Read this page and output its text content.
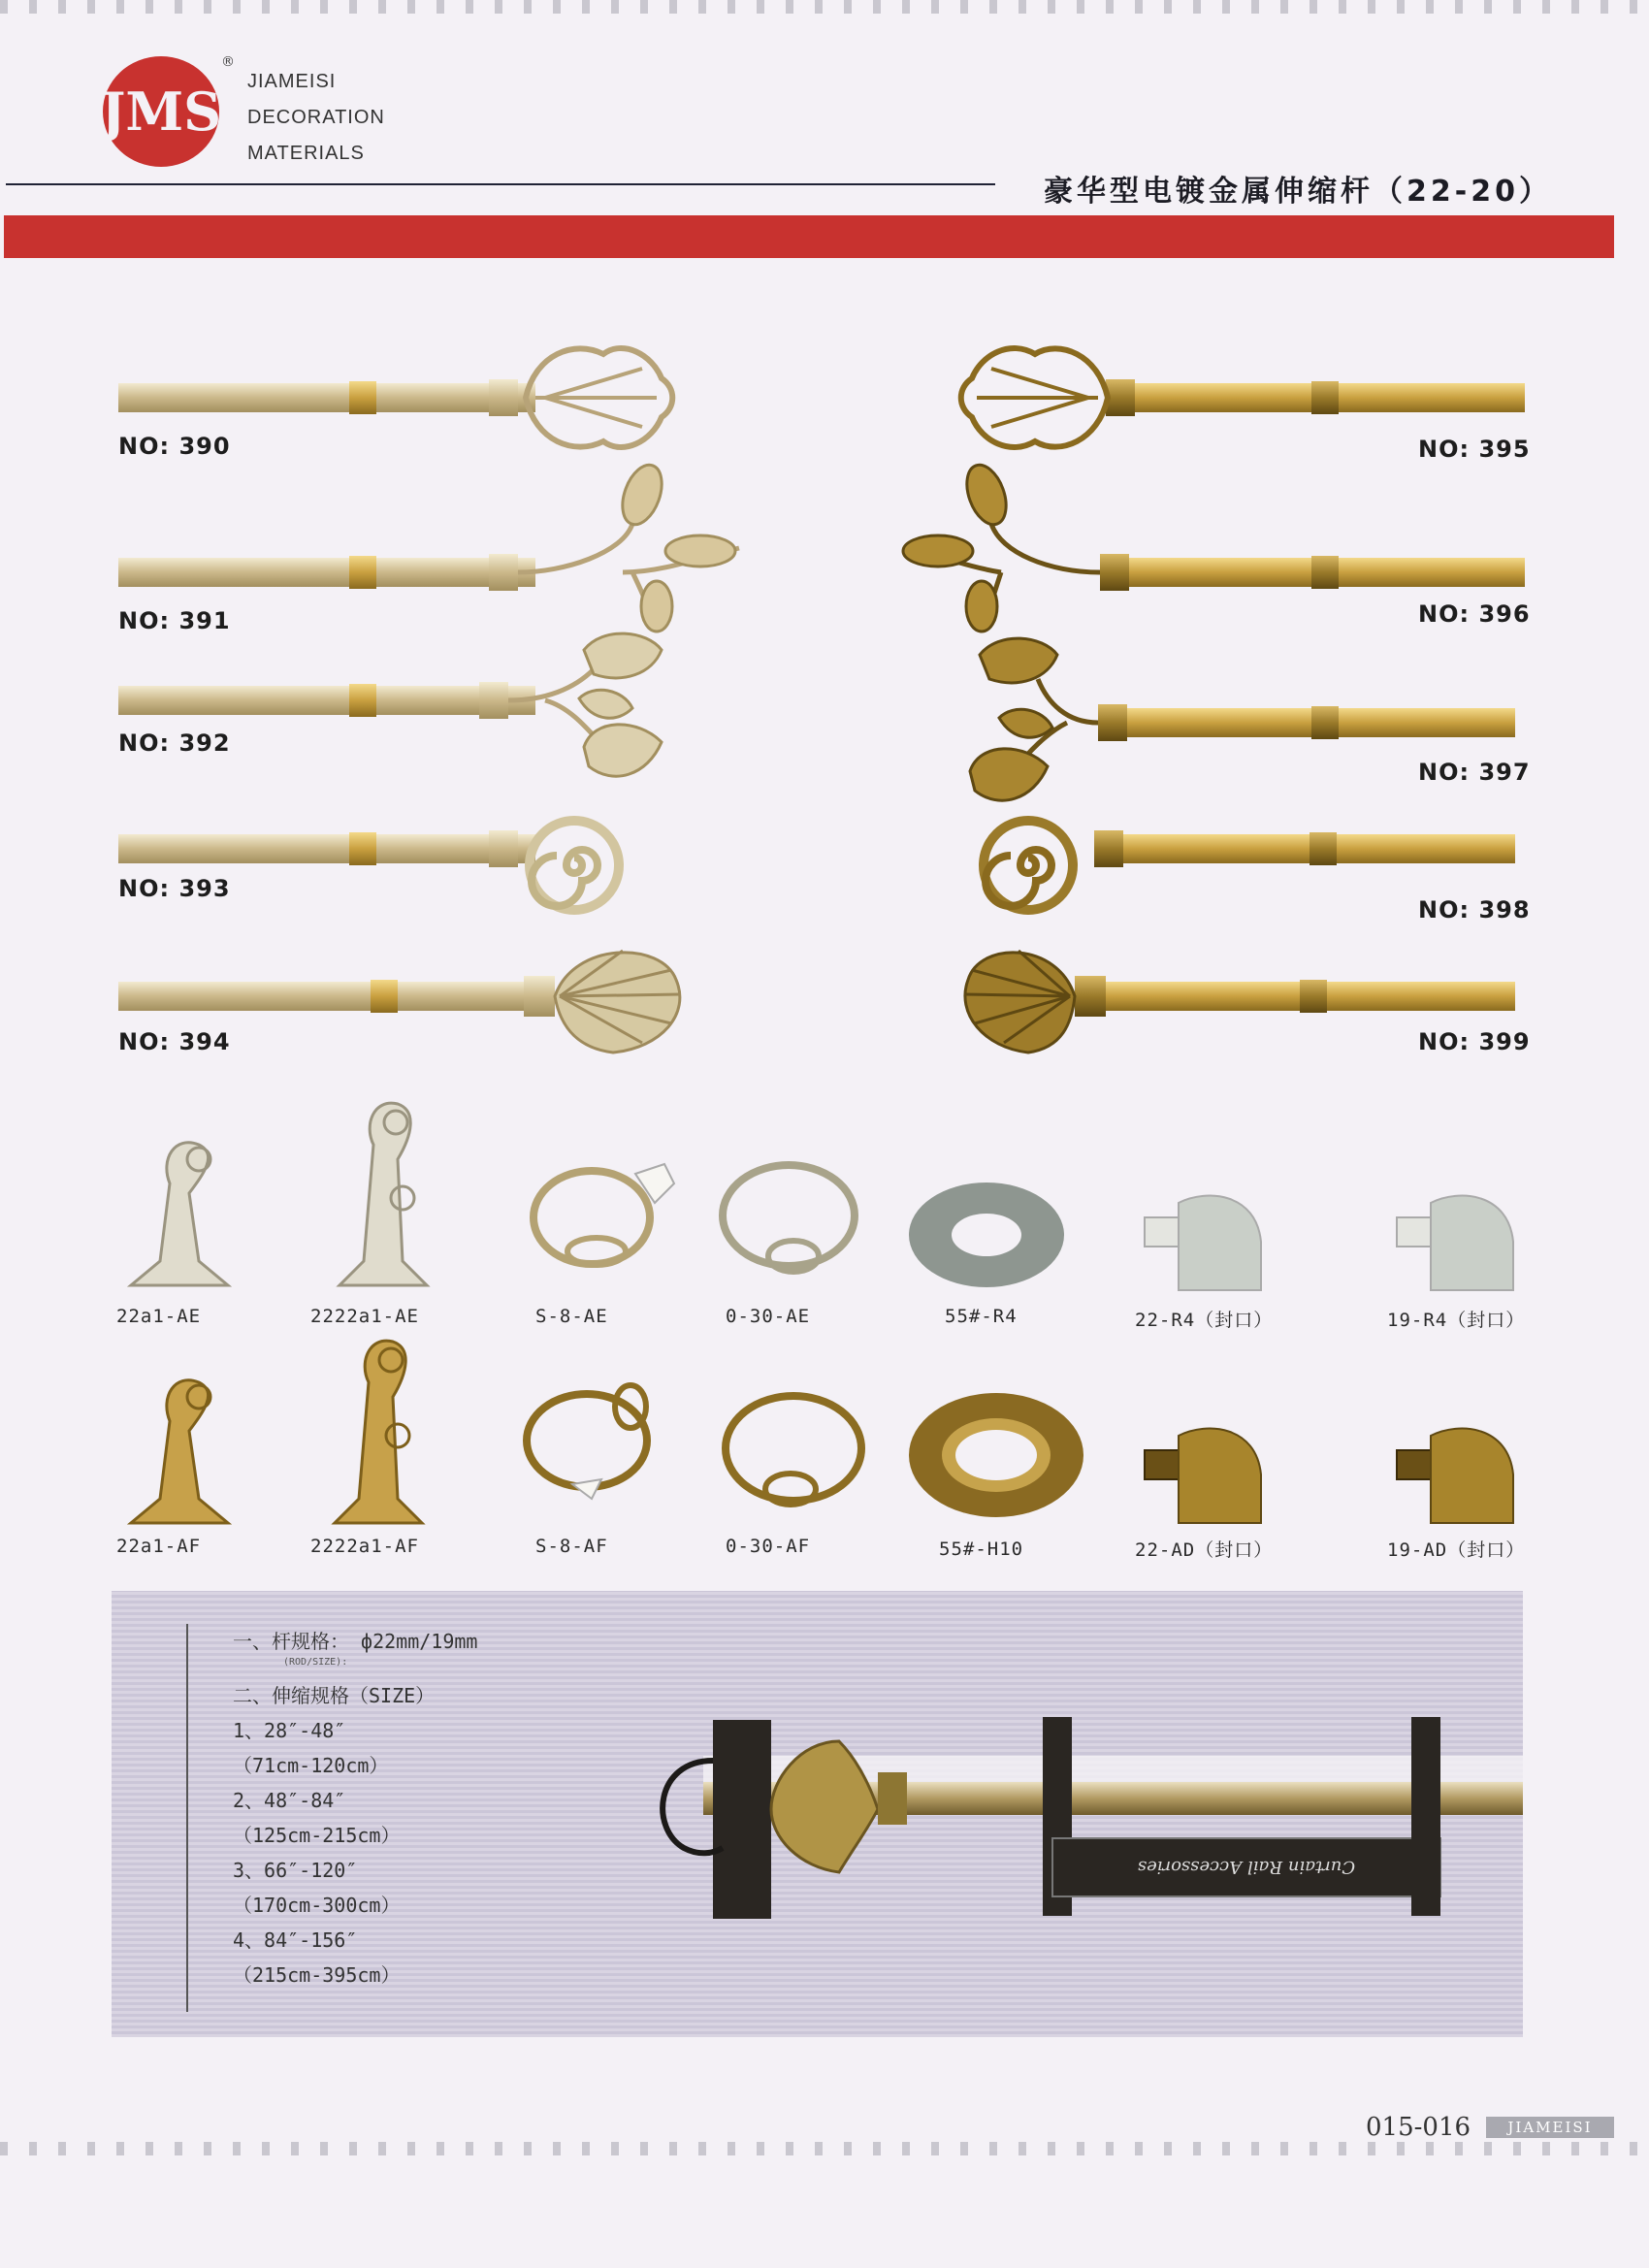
JMS
®
JIAMEISI
DECORATION
MATERIALS
豪华型电镀金属伸缩杆（22-20）
NO: 390
NO: 391
NO: 392
NO: 393
NO: 394
NO: 395
NO: 396
NO: 397
NO: 398
NO: 399
22a1-AE	2222a1-AE	S-8-AE	0-30-AE	55#-R4	22-R4（封口）	19-R4（封口）
22a1-AF	2222a1-AF	S-8-AF	0-30-AF	55#-H10	22-AD（封口）	19-AD（封口）
一、杆规格： ф22mm/19mm
(ROD/SIZE):
二、伸缩规格（SIZE）
1、28″-48″
（71cm-120cm）
2、48″-84″
（125cm-215cm）
3、66″-120″
（170cm-300cm）
4、84″-156″
（215cm-395cm）
Curtain Rail Accessories
015-016	JIAMEISI
